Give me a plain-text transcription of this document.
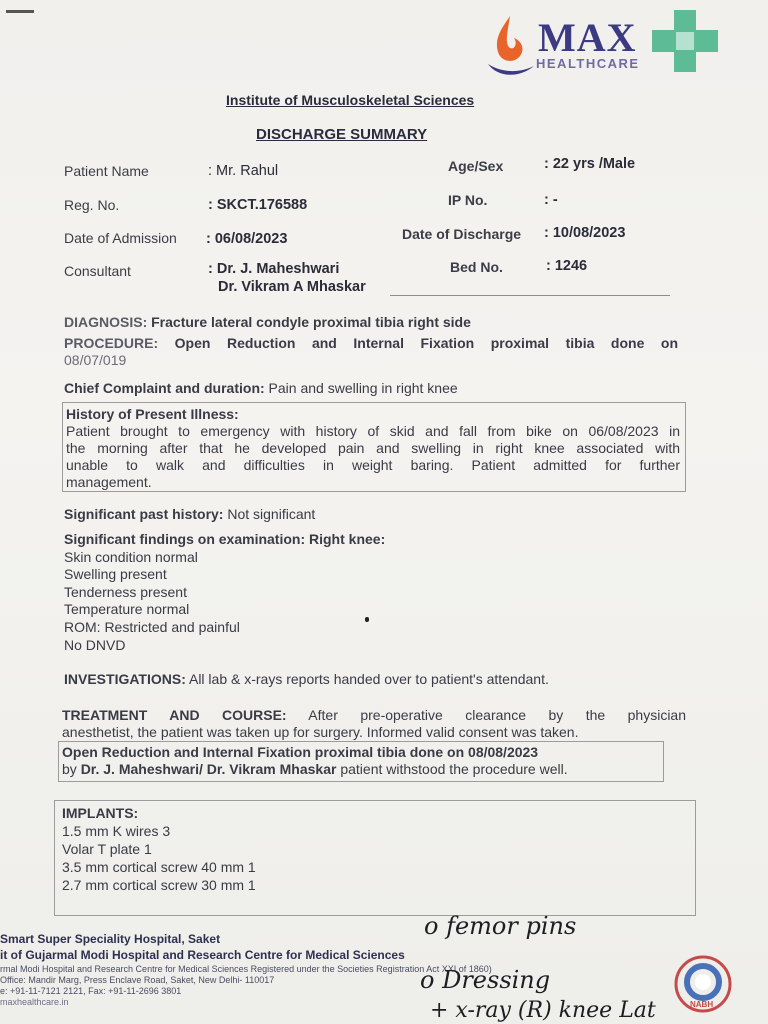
MAX
HEALTHCARE
Institute of Musculoskeletal Sciences
DISCHARGE SUMMARY
Patient Name	: Mr. Rahul	Age/Sex	: 22 yrs /Male
Reg. No.	: SKCT.176588	IP No.	: -
Date of Admission : 06/08/2023	Date of Discharge : 10/08/2023
Consultant	: Dr. J. Maheshwari
Dr. Vikram A Mhaskar
Bed No.	: 1246
DIAGNOSIS: Fracture lateral condyle proximal tibia right side
PROCEDURE: Open Reduction and Internal Fixation proximal tibia done on
08/07/019
Chief Complaint and duration: Pain and swelling in right knee
History of Present Illness:
Patient brought to emergency with history of skid and fall from bike on 06/08/2023 in
the morning after that he developed pain and swelling in right knee associated with
unable to walk and difficulties in weight baring. Patient admitted for further
management.
Significant past history: Not significant
Significant findings on examination: Right knee:
Skin condition normal
Swelling present
Tenderness present
Temperature normal
ROM: Restricted and painful
No DNVD
INVESTIGATIONS: All lab & x-rays reports handed over to patient's attendant.
TREATMENT AND COURSE: After pre-operative clearance by the physician
anesthetist, the patient was taken up for surgery. Informed valid consent was taken.
Open Reduction and Internal Fixation proximal tibia done on 08/08/2023
by Dr. J. Maheshwari/ Dr. Vikram Mhaskar patient withstood the procedure well.
IMPLANTS:
1.5 mm K wires 3
Volar T plate 1
3.5 mm cortical screw 40 mm 1
2.7 mm cortical screw 30 mm 1
Smart Super Speciality Hospital, Saket
it of Gujarmal Modi Hospital and Research Centre for Medical Sciences
rmal Modi Hospital and Research Centre for Medical Sciences Registered under the Societies Registration Act XXI of 1860)
Office: Mandir Marg, Press Enclave Road, Saket, New Delhi- 110017
e: +91-11-7121 2121, Fax: +91-11-2696 3801
maxhealthcare.in
o femor pins
o Dressing
+ x-ray (R) knee Lat	NABH
